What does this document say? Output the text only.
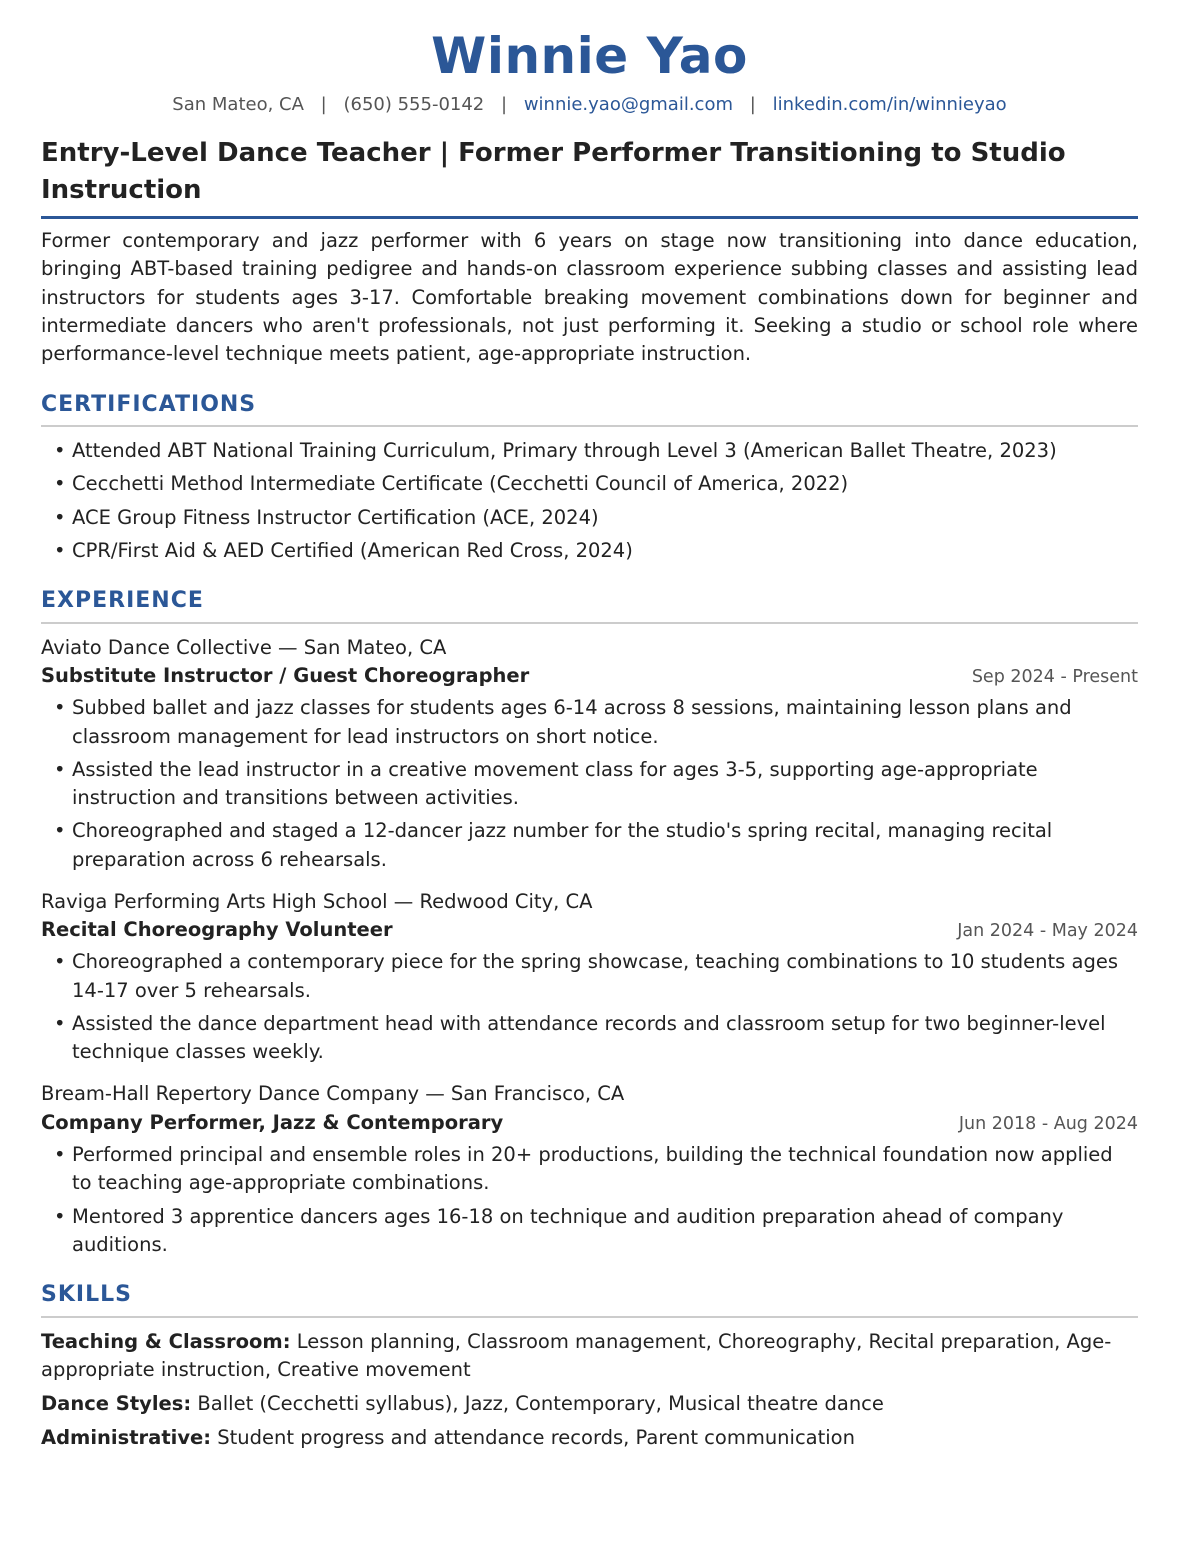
Winnie Yao
San Mateo, CA | (650) 555-0142 | winnie.yao@gmail.com | linkedin.com/in/winnieyao
Entry-Level Dance Teacher | Former Performer Transitioning to Studio Instruction
Former contemporary and jazz performer with 6 years on stage now transitioning into dance education, bringing ABT-based training pedigree and hands-on classroom experience subbing classes and assisting lead instructors for students ages 3-17. Comfortable breaking movement combinations down for beginner and intermediate dancers who aren't professionals, not just performing it. Seeking a studio or school role where performance-level technique meets patient, age-appropriate instruction.
CERTIFICATIONS
• Attended ABT National Training Curriculum, Primary through Level 3 (American Ballet Theatre, 2023)
• Cecchetti Method Intermediate Certificate (Cecchetti Council of America, 2022)
• ACE Group Fitness Instructor Certification (ACE, 2024)
• CPR/First Aid & AED Certified (American Red Cross, 2024)
EXPERIENCE
Aviato Dance Collective — San Mateo, CA
Substitute Instructor / Guest Choreographer	Sep 2024 - Present
• Subbed ballet and jazz classes for students ages 6-14 across 8 sessions, maintaining lesson plans and classroom management for lead instructors on short notice.
• Assisted the lead instructor in a creative movement class for ages 3-5, supporting age-appropriate instruction and transitions between activities.
• Choreographed and staged a 12-dancer jazz number for the studio's spring recital, managing recital preparation across 6 rehearsals.
Raviga Performing Arts High School — Redwood City, CA
Recital Choreography Volunteer	Jan 2024 - May 2024
• Choreographed a contemporary piece for the spring showcase, teaching combinations to 10 students ages 14-17 over 5 rehearsals.
• Assisted the dance department head with attendance records and classroom setup for two beginner-level technique classes weekly.
Bream-Hall Repertory Dance Company — San Francisco, CA
Company Performer, Jazz & Contemporary	Jun 2018 - Aug 2024
• Performed principal and ensemble roles in 20+ productions, building the technical foundation now applied to teaching age-appropriate combinations.
• Mentored 3 apprentice dancers ages 16-18 on technique and audition preparation ahead of company auditions.
SKILLS
Teaching & Classroom: Lesson planning, Classroom management, Choreography, Recital preparation, Age-appropriate instruction, Creative movement
Dance Styles: Ballet (Cecchetti syllabus), Jazz, Contemporary, Musical theatre dance
Administrative: Student progress and attendance records, Parent communication
